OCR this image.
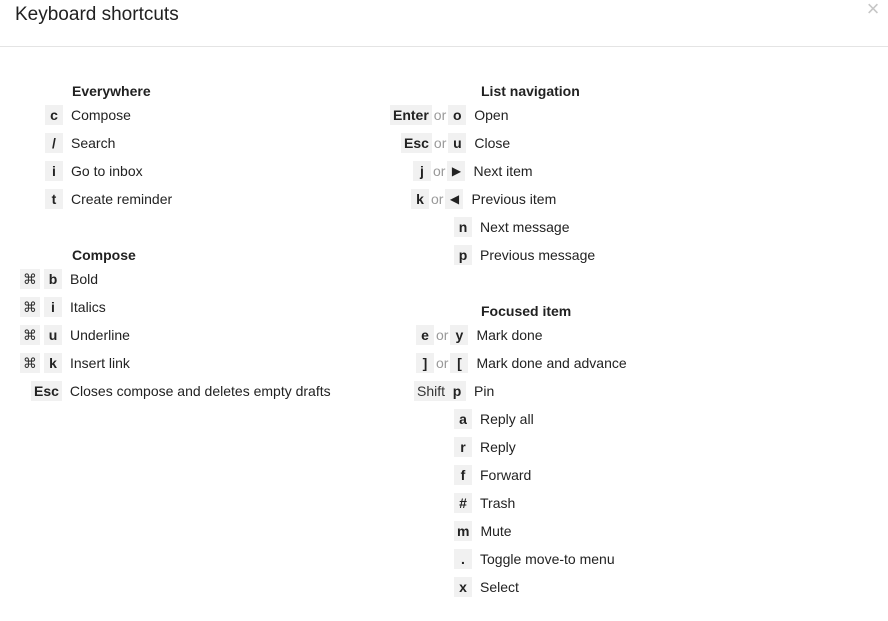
Keyboard shortcuts	×
Everywhere
c Compose
/	Search
i	Go to inbox
t	Create reminder
Compose
⌘ b Bold
⌘	i	Italics
⌘ u Underline
⌘ k Insert link
Esc Closes compose and deletes empty drafts
List navigation
Enter or o Open
Esc or u Close
j or ▶ Next item
k or ◀ Previous item
n Next message
p Previous message
Focused item
e or y Mark done
] or [	Mark done and advance
Shift p Pin
a Reply all
r	Reply
f	Forward
# Trash
m Mute
.	Toggle move-to menu
x Select
